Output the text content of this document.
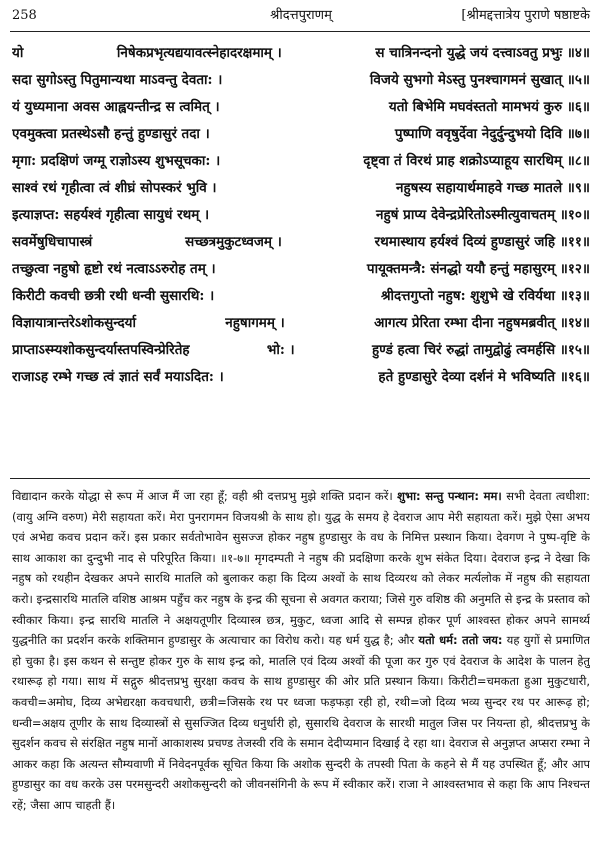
258	श्रीदत्तपुराणम्	[श्रीमद्दत्तात्रेय पुराणे षष्ठाष्टके
यो	निषेकप्रभृत्यद्ययावत्स्नेहादरक्षमाम् ।	स चात्रिनन्दनो युद्धे जयं दत्त्वाऽवतु प्रभुः ॥४॥
सदा सुगोऽस्तु पितुमान्यथा माऽवन्तु देवता: ।	विजये सुभगो मेऽस्तु पुनश्चागमनं सुखात् ॥५॥
यं युध्यमाना अवस आह्वयन्तीन्द्र स त्वमित् ।	यतो बिभेमि मघवंस्ततो मामभयं कुरु ॥६॥
एवमुक्त्वा प्रतस्थेऽसौ हन्तुं हुण्डासुरं तदा ।	पुष्पाणि ववृषुर्देवा नेदुर्दुन्दुभयो दिवि ॥७॥
मृगा: प्रदक्षिणं जग्मू राज्ञोऽस्य शुभसूचका: ।	दृष्ट्वा तं विरथं प्राह शक्रोऽप्याहूय सारथिम् ॥८॥
साश्वं रथं गृहीत्वा त्वं शीघ्रं सोपस्करं भुवि ।	नहुषस्य सहायार्थमाहवे गच्छ मातले ॥९॥
इत्याज्ञप्त: सहर्यश्वं गृहीत्वा सायुधं रथम् ।	नहुषं प्राप्य देवेन्द्रप्रेरितोऽस्मीत्युवाचतम् ॥१०॥
सवर्मेषुधिचापास्त्रं	सच्छत्रमुकुटध्वजम् ।	रथमास्थाय हर्यश्वं दिव्यं हुण्डासुरं जहि ॥११॥
तच्छुत्वा नहुषो हृष्टो रथं नत्वाऽऽरुरोह तम् ।	पायूक्तमन्त्रै: संनद्धो ययौ हन्तुं महासुरम् ॥१२॥
किरीटी कवची छत्री रथी धन्वी सुसारथि: ।	श्रीदत्तगुप्तो नहुष: शुशुभे खे रविर्यथा ॥१३॥
विज्ञायात्रान्तरेऽशोकसुन्दर्या	नहुषागमम् ।	आगत्य प्रेरिता रम्भा दीना नहुषमब्रवीत् ॥१४॥
प्राप्ताऽस्म्यशोकसुन्दर्यास्तपस्विन्प्रेरितेह	भो: ।	हुण्डं हत्वा चिरं रुद्धां तामुद्वोढुं त्वमर्हसि ॥१५॥
राजाऽह रम्भे गच्छ त्वं ज्ञातं सर्वं मयाऽदित: ।	हते हुण्डासुरे देव्या दर्शनं मे भविष्यति ॥१६॥

विद्यादान करके योद्धा से रूप में आज मैं जा रहा हूँ; वही श्री दत्तप्रभु मुझे शक्ति प्रदान करें। शुभा: सन्तु पन्थान: मम। सभी देवता त्वधीशा: (वायु अग्नि वरुण) मेरी सहायता करें। मेरा पुनरागमन विजयश्री के साथ हो। युद्ध के समय हे देवराज आप मेरी सहायता करें। मुझे ऐसा अभय एवं अभेद्य कवच प्रदान करें। इस प्रकार सर्वतोभावेन सुसज्ज होकर नहुष हुण्डासुर के वध के निमित्त प्रस्थान किया। देवगण ने पुष्प-वृष्टि के साथ आकाश का दुन्दुभी नाद से परिपूरित किया। ॥१-७॥ मृगदम्पती ने नहुष की प्रदक्षिणा करके शुभ संकेत दिया। देवराज इन्द्र ने देखा कि नहुष को रथहीन देखकर अपने सारथि मातलि को बुलाकर कहा कि दिव्य अश्वों के साथ दिव्यरथ को लेकर मर्त्यलोक में नहुष की सहायता करो। इन्द्रसारथि मातलि वशिष्ठ आश्रम पहुँच कर नहुष के इन्द्र की सूचना से अवगत कराया; जिसे गुरु वशिष्ठ की अनुमति से इन्द्र के प्रस्ताव को स्वीकार किया। इन्द्र सारथि मातलि ने अक्षयतूणीर दिव्यास्त्र छत्र, मुकुट, ध्वजा आदि से सम्पन्न होकर पूर्ण आश्वस्त होकर अपने सामर्थ्य युद्धनीति का प्रदर्शन करके शक्तिमान हुण्डासुर के अत्याचार का विरोध करो। यह धर्म युद्ध है; और यतो धर्म: ततो जय: यह युगों से प्रमाणित हो चुका है। इस कथन से सन्तुष्ट होकर गुरु के साथ इन्द्र को, मातलि एवं दिव्य अश्वों की पूजा कर गुरु एवं देवराज के आदेश के पालन हेतु रथारूढ़ हो गया। साथ में सद्गुरु श्रीदत्तप्रभु सुरक्षा कवच के साथ हुण्डासुर की ओर प्रति प्रस्थान किया। किरीटी=चमकता हुआ मुकुटधारी, कवची=अमोघ, दिव्य अभेद्यरक्षा कवचधारी, छत्री=जिसके रथ पर ध्वजा फड़फड़ा रही हो, रथी=जो दिव्य भव्य सुन्दर रथ पर आरूढ़ हो; धन्वी=अक्षय तूणीर के साथ दिव्यास्त्रों से सुसज्जित दिव्य धनुर्धारी हो, सुसारथि देवराज के सारथी मातुल जिस पर नियन्ता हो, श्रीदत्तप्रभु के सुदर्शन कवच से संरक्षित नहुष मानों आकाशस्थ प्रचण्ड तेजस्वी रवि के समान देदीप्यमान दिखाई दे रहा था। देवराज से अनुज्ञप्त अप्सरा रम्भा ने आकर कहा कि अत्यन्त सौम्यवाणी में निवेदनपूर्वक सूचित किया कि अशोक सुन्दरी के तपस्वी पिता के कहने से मैं यह उपस्थित हूँ; और आप हुण्डासुर का वध करके उस परमसुन्दरी अशोकसुन्दरी को जीवनसंगिनी के रूप में स्वीकार करें। राजा ने आश्वस्तभाव से कहा कि आप निश्चन्त रहें; जैसा आप चाहती हैं।
